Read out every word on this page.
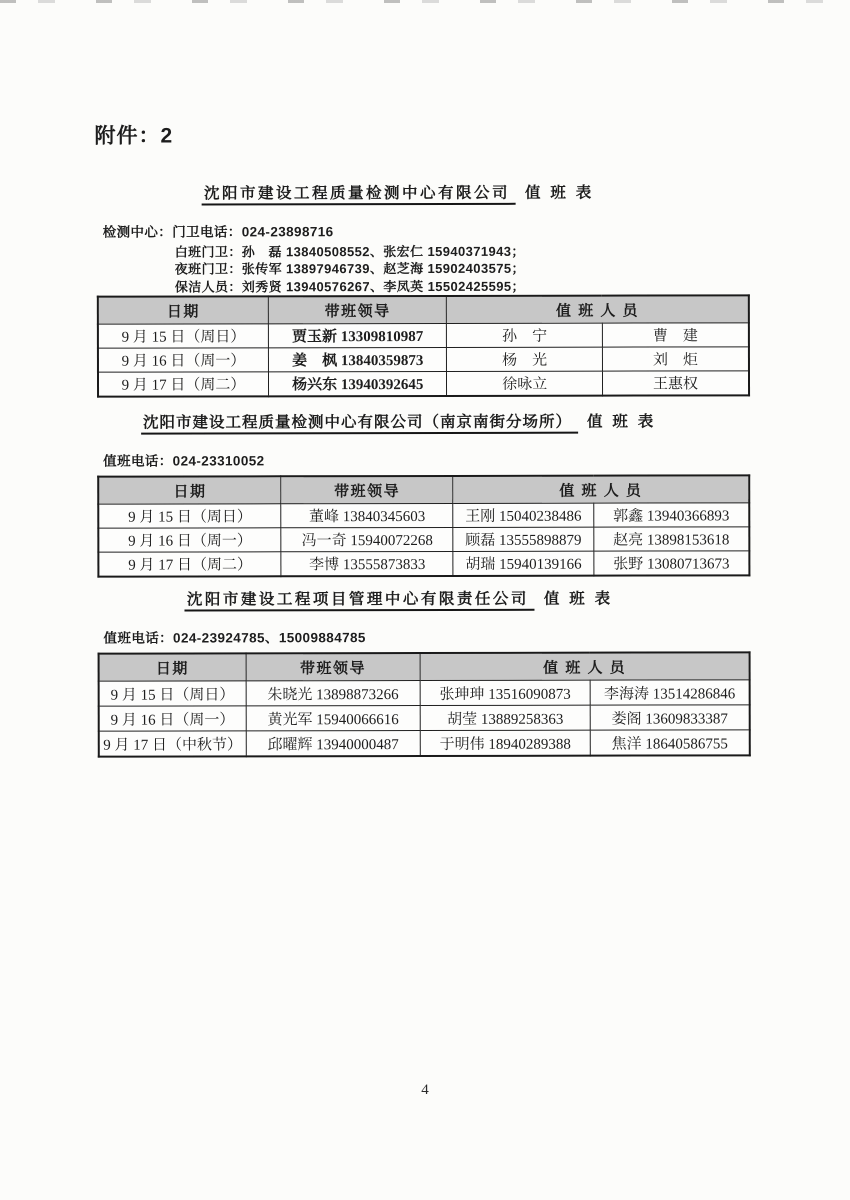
附件：2
沈阳市建设工程质量检测中心有限公司 值 班 表
检测中心：门卫电话：024-23898716
白班门卫：孙　磊 13840508552、张宏仁 15940371943；
夜班门卫：张传军 13897946739、赵芝海 15902403575；
保洁人员：刘秀贤 13940576267、李凤英 15502425595；
日期	带班领导	值 班 人 员	
9 月 15 日（周日）	贾玉新 13309810987	孙　宁	曹　建
9 月 16 日（周一）	姜　枫 13840359873	杨　光	刘　炬
9 月 17 日（周二）	杨兴东 13940392645	徐咏立	王惠权
沈阳市建设工程质量检测中心有限公司（南京南街分场所） 值 班 表
值班电话：024-23310052
日期	带班领导	值 班 人 员	
9 月 15 日（周日）	董峰 13840345603	王刚 15040238486	郭鑫 13940366893
9 月 16 日（周一）	冯一奇 15940072268	顾磊 13555898879	赵亮 13898153618
9 月 17 日（周二）	李博 13555873833	胡瑞 15940139166	张野 13080713673
沈阳市建设工程项目管理中心有限责任公司 值 班 表
值班电话：024-23924785、15009884785
日期	带班领导	值 班 人 员	
9 月 15 日（周日）	朱晓光 13898873266	张珅珅 13516090873	李海涛 13514286846
9 月 16 日（周一）	黄光军 15940066616	胡莹 13889258363	娄阁 13609833387
9 月 17 日（中秋节）	邱曜辉 13940000487	于明伟 18940289388	焦洋 18640586755
4
